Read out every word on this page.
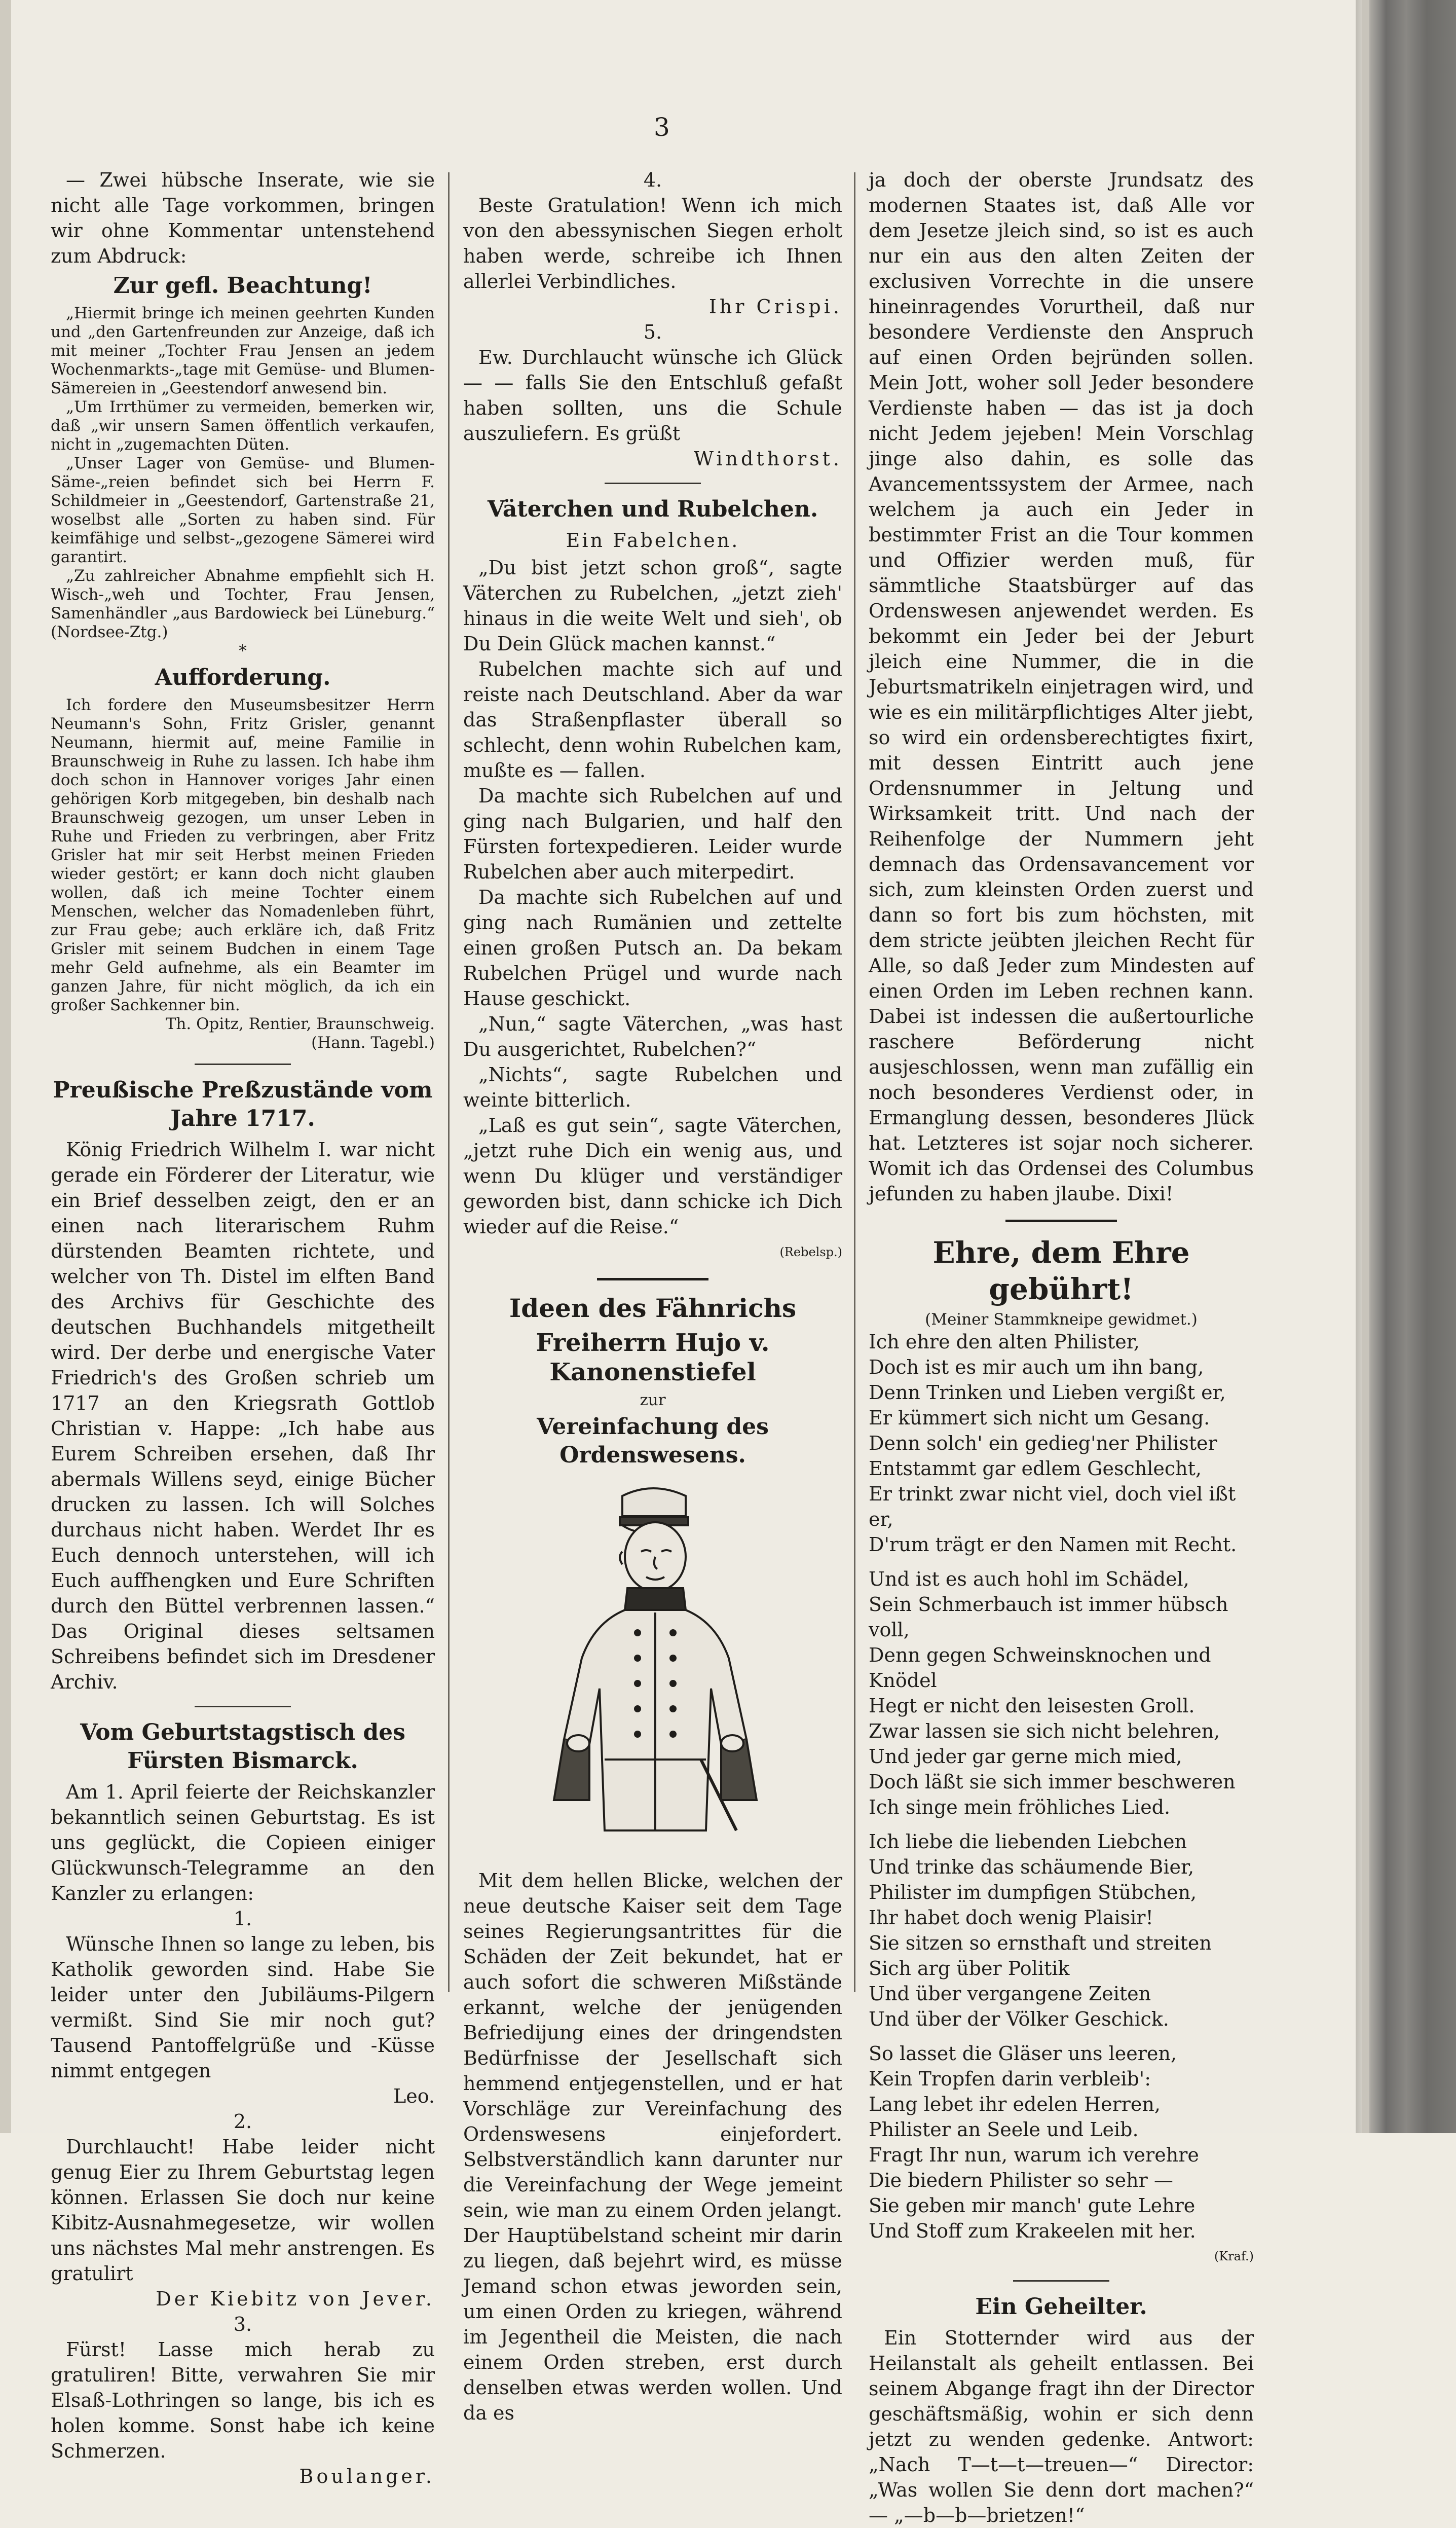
3

— Zwei hübsche Inserate, wie sie nicht alle Tage vorkommen, bringen wir ohne Kommentar untenstehend zum Abdruck:

Zur gefl. Beachtung!

„Hiermit bringe ich meinen geehrten Kunden und „den Gartenfreunden zur Anzeige, daß ich mit meiner „Tochter Frau Jensen an jedem Wochenmarkts-„tage mit Gemüse- und Blumen-Sämereien in „Geestendorf anwesend bin.

„Um Irrthümer zu vermeiden, bemerken wir, daß „wir unsern Samen öffentlich verkaufen, nicht in „zugemachten Düten.

„Unser Lager von Gemüse- und Blumen-Säme-„reien befindet sich bei Herrn F. Schildmeier in „Geestendorf, Gartenstraße 21, woselbst alle „Sorten zu haben sind. Für keimfähige und selbst-„gezogene Sämerei wird garantirt.

„Zu zahlreicher Abnahme empfiehlt sich H. Wisch-„weh und Tochter, Frau Jensen, Samenhändler „aus Bardowieck bei Lüneburg.“ (Nordsee-Ztg.)

*
Aufforderung.

Ich fordere den Museumsbesitzer Herrn Neumann's Sohn, Fritz Grisler, genannt Neumann, hiermit auf, meine Familie in Braunschweig in Ruhe zu lassen. Ich habe ihm doch schon in Hannover voriges Jahr einen gehörigen Korb mitgegeben, bin deshalb nach Braunschweig gezogen, um unser Leben in Ruhe und Frieden zu verbringen, aber Fritz Grisler hat mir seit Herbst meinen Frieden wieder gestört; er kann doch nicht glauben wollen, daß ich meine Tochter einem Menschen, welcher das Nomadenleben führt, zur Frau gebe; auch erkläre ich, daß Fritz Grisler mit seinem Budchen in einem Tage mehr Geld aufnehme, als ein Beamter im ganzen Jahre, für nicht möglich, da ich ein großer Sachkenner bin.

Th. Opitz, Rentier, Braunschweig.
(Hann. Tagebl.)
Preußische Preßzustände vom Jahre 1717.

König Friedrich Wilhelm I. war nicht gerade ein Förderer der Literatur, wie ein Brief desselben zeigt, den er an einen nach literarischem Ruhm dürstenden Beamten richtete, und welcher von Th. Distel im elften Band des Archivs für Geschichte des deutschen Buchhandels mitgetheilt wird. Der derbe und energische Vater Friedrich's des Großen schrieb um 1717 an den Kriegsrath Gottlob Christian v. Happe: „Ich habe aus Eurem Schreiben ersehen, daß Ihr abermals Willens seyd, einige Bücher drucken zu lassen. Ich will Solches durchaus nicht haben. Werdet Ihr es Euch dennoch unterstehen, will ich Euch auffhengken und Eure Schriften durch den Büttel verbrennen lassen.“ Das Original dieses seltsamen Schreibens befindet sich im Dresdener Archiv.

Vom Geburtstagstisch des Fürsten Bismarck.

Am 1. April feierte der Reichskanzler bekanntlich seinen Geburtstag. Es ist uns geglückt, die Copieen einiger Glückwunsch-Telegramme an den Kanzler zu erlangen:

1.

Wünsche Ihnen so lange zu leben, bis Katholik geworden sind. Habe Sie leider unter den Jubiläums-Pilgern vermißt. Sind Sie mir noch gut? Tausend Pantoffelgrüße und -Küsse nimmt entgegen

Leo.
2.

Durchlaucht! Habe leider nicht genug Eier zu Ihrem Geburtstag legen können. Erlassen Sie doch nur keine Kibitz-Ausnahmegesetze, wir wollen uns nächstes Mal mehr anstrengen. Es gratulirt

Der Kiebitz von Jever.
3.

Fürst! Lasse mich herab zu gratuliren! Bitte, verwahren Sie mir Elsaß-Lothringen so lange, bis ich es holen komme. Sonst habe ich keine Schmerzen.

Boulanger.
4.

Beste Gratulation! Wenn ich mich von den abessynischen Siegen erholt haben werde, schreibe ich Ihnen allerlei Verbindliches.

Ihr Crispi.
5.

Ew. Durchlaucht wünsche ich Glück — — falls Sie den Entschluß gefaßt haben sollten, uns die Schule auszuliefern. Es grüßt

Windthorst.
Väterchen und Rubelchen.
Ein Fabelchen.

„Du bist jetzt schon groß“, sagte Väterchen zu Rubelchen, „jetzt zieh' hinaus in die weite Welt und sieh', ob Du Dein Glück machen kannst.“

Rubelchen machte sich auf und reiste nach Deutschland. Aber da war das Straßenpflaster überall so schlecht, denn wohin Rubelchen kam, mußte es — fallen.

Da machte sich Rubelchen auf und ging nach Bulgarien, und half den Fürsten fortexpedieren. Leider wurde Rubelchen aber auch miterpedirt.

Da machte sich Rubelchen auf und ging nach Rumänien und zettelte einen großen Putsch an. Da bekam Rubelchen Prügel und wurde nach Hause geschickt.

„Nun,“ sagte Väterchen, „was hast Du ausgerichtet, Rubelchen?“

„Nichts“, sagte Rubelchen und weinte bitterlich.

„Laß es gut sein“, sagte Väterchen, „jetzt ruhe Dich ein wenig aus, und wenn Du klüger und verständiger geworden bist, dann schicke ich Dich wieder auf die Reise.“

(Rebelsp.)
Ideen des Fähnrichs
Freiherrn Hujo v. Kanonenstiefel
zur
Vereinfachung des Ordenswesens.

Mit dem hellen Blicke, welchen der neue deutsche Kaiser seit dem Tage seines Regierungsantrittes für die Schäden der Zeit bekundet, hat er auch sofort die schweren Mißstände erkannt, welche der jenügenden Befriedijung eines der dringendsten Bedürfnisse der Jesellschaft sich hemmend entjegenstellen, und er hat Vorschläge zur Vereinfachung des Ordenswesens einjefordert. Selbstverständlich kann darunter nur die Vereinfachung der Wege jemeint sein, wie man zu einem Orden jelangt. Der Hauptübelstand scheint mir darin zu liegen, daß bejehrt wird, es müsse Jemand schon etwas jeworden sein, um einen Orden zu kriegen, während im Jegentheil die Meisten, die nach einem Orden streben, erst durch denselben etwas werden wollen. Und da es

ja doch der oberste Jrundsatz des modernen Staates ist, daß Alle vor dem Jesetze jleich sind, so ist es auch nur ein aus den alten Zeiten der exclusiven Vorrechte in die unsere hineinragendes Vorurtheil, daß nur besondere Verdienste den Anspruch auf einen Orden bejründen sollen. Mein Jott, woher soll Jeder besondere Verdienste haben — das ist ja doch nicht Jedem jejeben! Mein Vorschlag jinge also dahin, es solle das Avancementssystem der Armee, nach welchem ja auch ein Jeder in bestimmter Frist an die Tour kommen und Offizier werden muß, für sämmtliche Staatsbürger auf das Ordenswesen anjewendet werden. Es bekommt ein Jeder bei der Jeburt jleich eine Nummer, die in die Jeburtsmatrikeln einjetragen wird, und wie es ein militärpflichtiges Alter jiebt, so wird ein ordensberechtigtes fixirt, mit dessen Eintritt auch jene Ordensnummer in Jeltung und Wirksamkeit tritt. Und nach der Reihenfolge der Nummern jeht demnach das Ordensavancement vor sich, zum kleinsten Orden zuerst und dann so fort bis zum höchsten, mit dem stricte jeübten jleichen Recht für Alle, so daß Jeder zum Mindesten auf einen Orden im Leben rechnen kann. Dabei ist indessen die außertourliche raschere Beförderung nicht ausjeschlossen, wenn man zufällig ein noch besonderes Verdienst oder, in Ermanglung dessen, besonderes Jlück hat. Letzteres ist sojar noch sicherer. Womit ich das Ordensei des Columbus jefunden zu haben jlaube. Dixi!

Ehre, dem Ehre gebührt!
(Meiner Stammkneipe gewidmet.)

Ich ehre den alten Philister,

Doch ist es mir auch um ihn bang,

Denn Trinken und Lieben vergißt er,

Er kümmert sich nicht um Gesang.

Denn solch' ein gedieg'ner Philister

Entstammt gar edlem Geschlecht,

Er trinkt zwar nicht viel, doch viel ißt er,

D'rum trägt er den Namen mit Recht.

Und ist es auch hohl im Schädel,

Sein Schmerbauch ist immer hübsch voll,

Denn gegen Schweinsknochen und Knödel

Hegt er nicht den leisesten Groll.

Zwar lassen sie sich nicht belehren,

Und jeder gar gerne mich mied,

Doch läßt sie sich immer beschweren

Ich singe mein fröhliches Lied.

Ich liebe die liebenden Liebchen

Und trinke das schäumende Bier,

Philister im dumpfigen Stübchen,

Ihr habet doch wenig Plaisir!

Sie sitzen so ernsthaft und streiten

Sich arg über Politik

Und über vergangene Zeiten

Und über der Völker Geschick.

So lasset die Gläser uns leeren,

Kein Tropfen darin verbleib':

Lang lebet ihr edelen Herren,

Philister an Seele und Leib.

Fragt Ihr nun, warum ich verehre

Die biedern Philister so sehr —

Sie geben mir manch' gute Lehre

Und Stoff zum Krakeelen mit her.

(Kraf.)
Ein Geheilter.

Ein Stotternder wird aus der Heilanstalt als geheilt entlassen. Bei seinem Abgange fragt ihn der Director geschäftsmäßig, wohin er sich denn jetzt zu wenden gedenke. Antwort: „Nach T—t—t—treuen—“ Director: „Was wollen Sie denn dort machen?“ — „—b—b—brietzen!“
